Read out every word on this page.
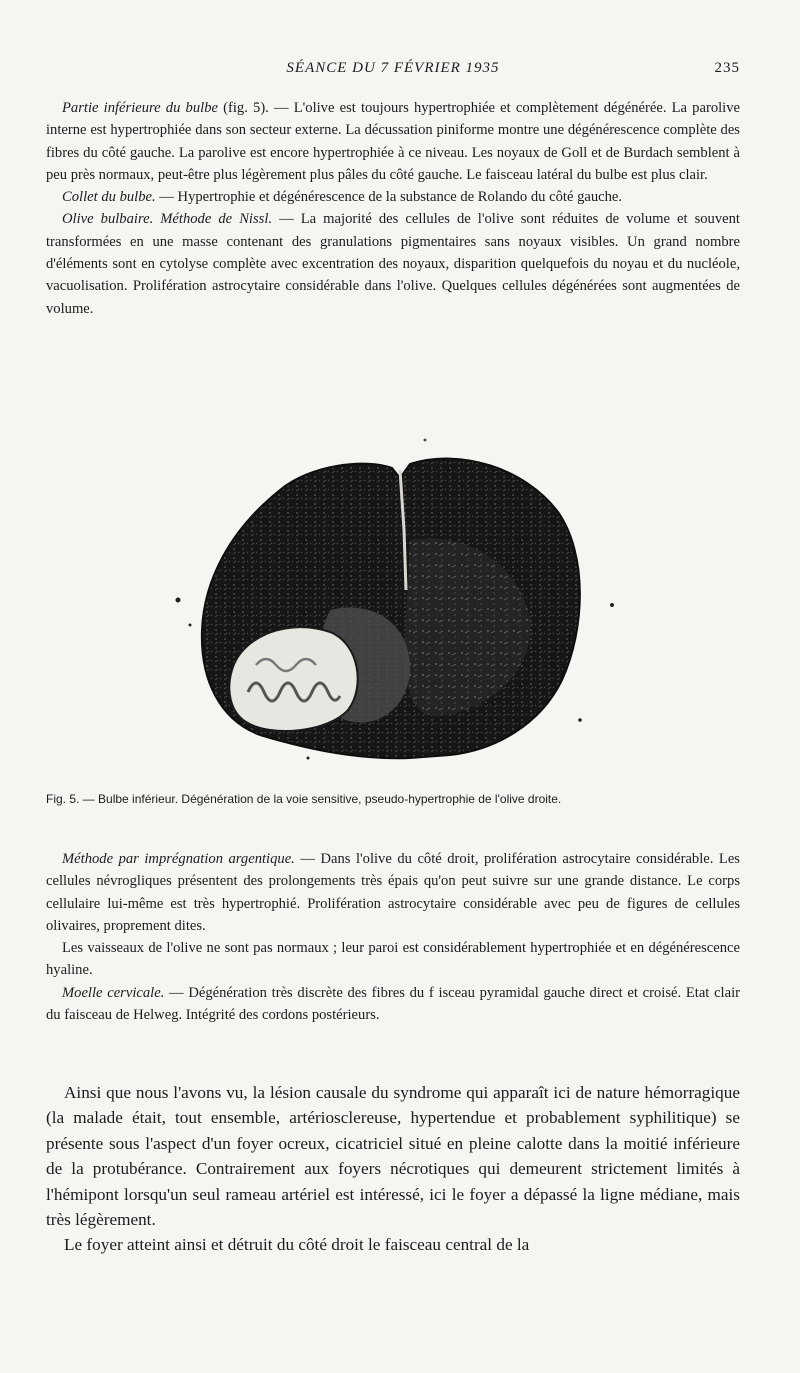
SÉANCE DU 7 FÉVRIER 1935	235

Partie inférieure du bulbe (fig. 5). — L'olive est toujours hypertrophiée et complètement dégénérée. La parolive interne est hypertrophiée dans son secteur externe. La décussation piniforme montre une dégénérescence complète des fibres du côté gauche. La parolive est encore hypertrophiée à ce niveau. Les noyaux de Goll et de Burdach semblent à peu près normaux, peut-être plus légèrement plus pâles du côté gauche. Le faisceau latéral du bulbe est plus clair.

Collet du bulbe. — Hypertrophie et dégénérescence de la substance de Rolando du côté gauche.

Olive bulbaire. Méthode de Nissl. — La majorité des cellules de l'olive sont réduites de volume et souvent transformées en une masse contenant des granulations pigmentaires sans noyaux visibles. Un grand nombre d'éléments sont en cytolyse complète avec excentration des noyaux, disparition quelquefois du noyau et du nucléole, vacuolisation. Prolifération astrocytaire considérable dans l'olive. Quelques cellules dégénérées sont augmentées de volume.

Fig. 5. — Bulbe inférieur. Dégénération de la voie sensitive, pseudo-hypertrophie de l'olive droite.

Méthode par imprégnation argentique. — Dans l'olive du côté droit, prolifération astrocytaire considérable. Les cellules névrogliques présentent des prolongements très épais qu'on peut suivre sur une grande distance. Le corps cellulaire lui-même est très hypertrophié. Prolifération astrocytaire considérable avec peu de figures de cellules olivaires, proprement dites.

Les vaisseaux de l'olive ne sont pas normaux ; leur paroi est considérablement hypertrophiée et en dégénérescence hyaline.

Moelle cervicale. — Dégénération très discrète des fibres du f isceau pyramidal gauche direct et croisé. Etat clair du faisceau de Helweg. Intégrité des cordons postérieurs.

Ainsi que nous l'avons vu, la lésion causale du syndrome qui apparaît ici de nature hémorragique (la malade était, tout ensemble, artériosclereuse, hypertendue et probablement syphilitique) se présente sous l'aspect d'un foyer ocreux, cicatriciel situé en pleine calotte dans la moitié inférieure de la protubérance. Contrairement aux foyers nécrotiques qui demeurent strictement limités à l'hémipont lorsqu'un seul rameau artériel est intéressé, ici le foyer a dépassé la ligne médiane, mais très légèrement.

Le foyer atteint ainsi et détruit du côté droit le faisceau central de la
